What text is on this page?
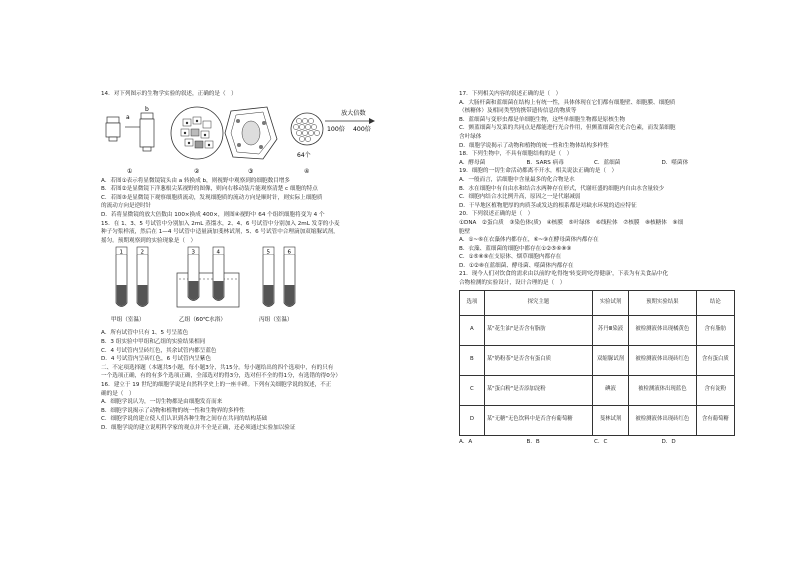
14．对下列图示的生物学实验的叙述，正确的是（　）
a
b
①	②	③
64个
④
放大倍数
100倍 400倍
A．若图①表示将显微镜镜头由 a 转换成 b，则视野中观察到的细胞数目增多
B．若图②是显微镜下洋葱根尖某视野的图像，则向右移动装片能观察清楚 c 细胞的特点
C．若图③是显微镜下观察细胞质流动，发现细胞质的流动方向是顺时针，则实际上细胞质
的流动方向是逆时针
D．若将显微镜的放大倍数由 100×换成 400×，则图④视野中 64 个组织细胞将变为 4 个
15．在 1、3、5 号试管中分别加入 2mL 蒸馏水，2、4、6 号试管中分别加入 2mL 发芽的小麦
种子匀浆样液，然后在 1—4 号试管中适量滴加斐林试剂，5、6 号试管中合理滴加双缩脲试剂，
摇匀。预期观察到的实验现象是（　）
1	2	3	4	5	6
甲组（室温）	乙组（60℃水浴）	丙组（室温）
A．所有试管中只有 1、5 号呈蓝色
B．3 组实验中甲组和乙组的实验结果相同
C．4 号试管内呈砖红色，其余试管内都呈蓝色
D．4 号试管内呈砖红色，6 号试管内呈紫色
二、不定项选择题（本题共5小题，每小题3分，共15分。每小题给出的四个选项中，有的只有
一个选项正确，有的有多个选项正确，全部选对的得3分，选对但不全的得1分，有选错的得0分）
16．建立于 19 世纪的细胞学说是自然科学史上的一座丰碑。下列有关细胞学说的叙述，不正
确的是（　）
A．细胞学说认为，一切生物都是由细胞发育而来
B．细胞学说揭示了动物和植物的统一性和生物界的多样性
C．细胞学说的建立使人们认识到各种生物之间存在共同的结构基础
D．细胞学说的建立说明科学家的观点并不全是正确，还必须通过实验加以验证
17．下列相关内容的叙述正确的是（　）
A．大肠杆菌和蓝细菌在结构上有统一性，具体体现在它们都有细胞壁、细胞膜、细胞质
（核糖体）及相同类型的携带遗传信息的物质等
B．蓝细菌与变形虫都是单细胞生物，这些单细胞生物都是原核生物
C．颤蓝细菌与发菜的共同点是都能进行光合作用，但颤蓝细菌含光合色素，而发菜细胞
含叶绿体
D．细胞学说揭示了动物和植物的统一性和生物体结构多样性
18．下列生物中，不具有细胞结构的是（　）
A．酵母菌	B．SARS 病毒	C．蓝细菌	D．噬菌体
19．细胞的一切生命活动都离不开水，相关说法正确的是（　）
A．一般而言，活细胞中含量最多的化合物是水
B．水在细胞中有自由水和结合水两种存在形式，代谢旺盛的细胞内自由水含量较少
C．细胞内结合水比例升高，原因之一是代谢减弱
D．干旱地区植物肥厚的肉质茎或发达的根系都是对缺水环境的适应特征
20．下列叙述正确的是（　）
①DNA　②蛋白质　③染色体(质)　④核膜　⑤叶绿体　⑥线粒体　⑦核膜　⑧核糖体　⑨细
胞壁
A．①~⑥在衣藻体内都存在，⑥~⑨在酵母菌体内都存在
B．衣藻、蓝细菌的细胞中都存在①②⑤⑥⑧⑨
C．①⑤⑧⑨在支原体、烟草细胞内都存在
D．①②⑧在蓝细菌、酵母菌、噬菌体内都存在
21．现今人们对饮食的需求由以前的'吃得饱'转变到'吃得健康'，下表为有关食品中化
合物检测的实验设计，设计合理的是（　）
选项	探究主题	实验试剂	预期实验结果	结论
A	某"花生油"是否含有脂肪	苏丹Ⅲ染液	被检测液体出现橘黄色	含有脂肪
B	某"奶粉茶"是否含有蛋白质	双缩脲试剂	被检测液体出现砖红色	含有蛋白质
C	某"蛋白粉"是否添加淀粉	碘液	被检测液体出现蓝色	含有淀粉
D	某"无糖"无色饮料中是否含有葡萄糖	斐林试剂	被检测液体出现砖红色	含有葡萄糖
A．A	B．B	C．C	D．D
